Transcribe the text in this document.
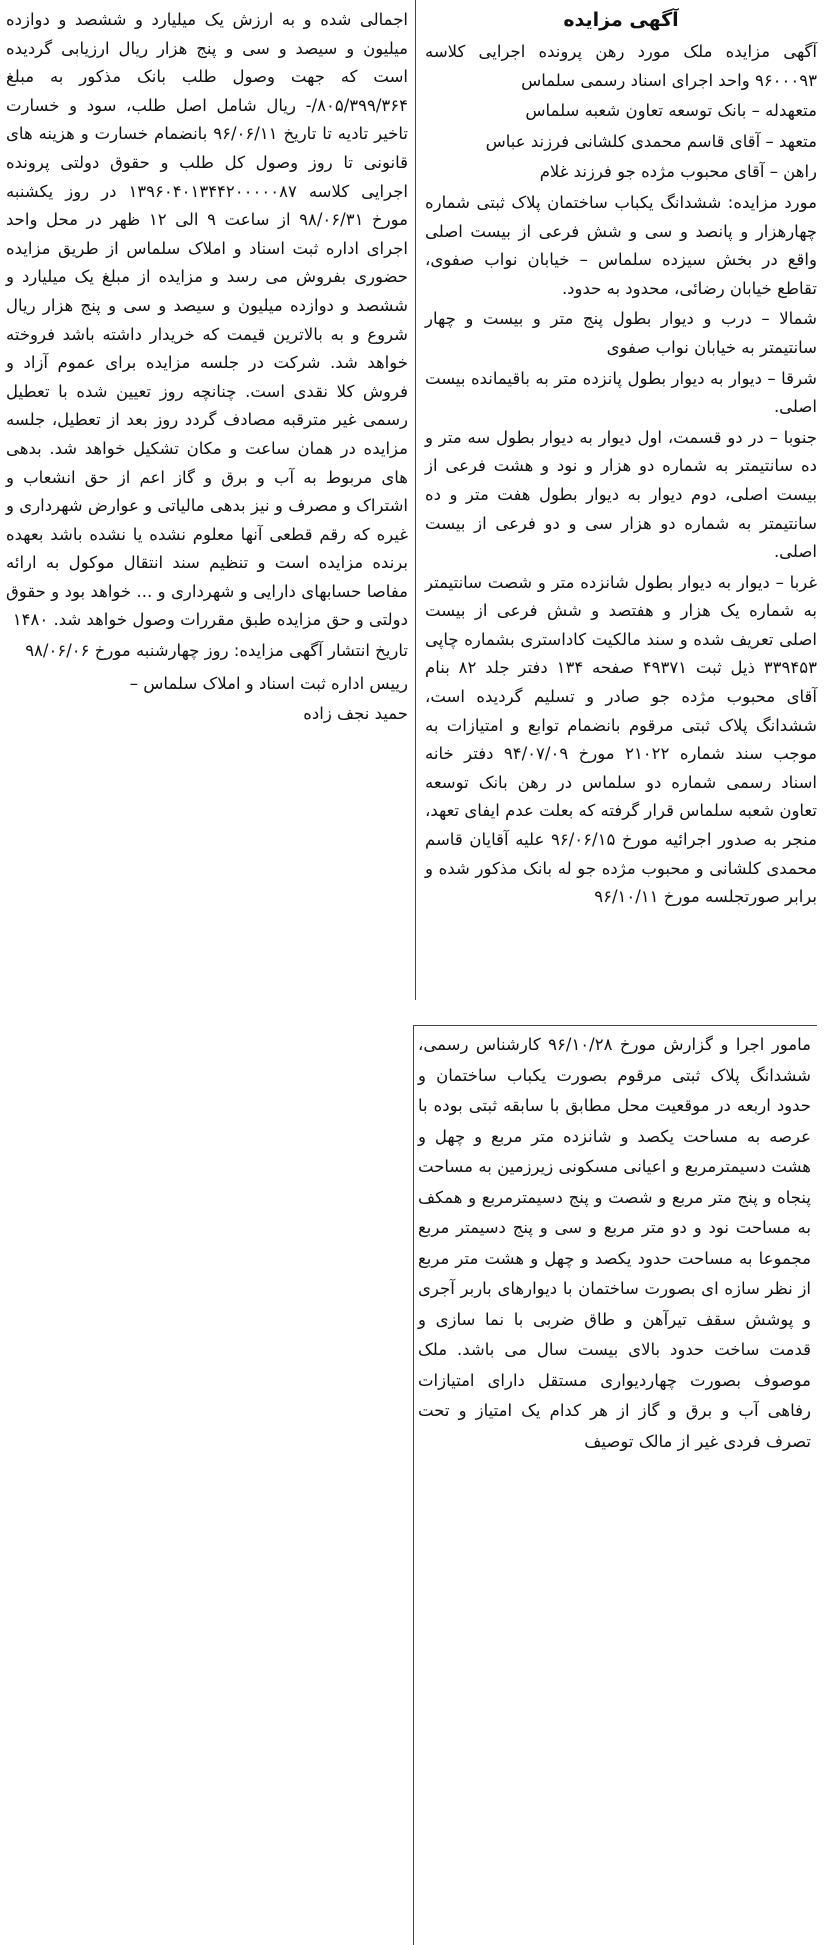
آگهی مزایده

آگهی مزایده ملک مورد رهن پرونده اجرایی کلاسه ۹۶۰۰۰۹۳ واحد اجرای اسناد رسمی سلماس

متعهدله – بانک توسعه تعاون شعبه سلماس

متعهد – آقای قاسم محمدی کلشانی فرزند عباس

راهن – آقای محبوب مژده جو فرزند غلام

مورد مزایده: ششدانگ یکباب ساختمان پلاک ثبتی شماره چهارهزار و پانصد و سی و شش فرعی از بیست اصلی واقع در بخش سیزده سلماس – خیابان نواب صفوی، تقاطع خیابان رضائی، محدود به حدود.

شمالا – درب و دیوار بطول پنج متر و بیست و چهار سانتیمتر به خیابان نواب صفوی

شرقا – دیوار به دیوار بطول پانزده متر به باقیمانده بیست اصلی.

جنوبا – در دو قسمت، اول دیوار به دیوار بطول سه متر و ده سانتیمتر به شماره دو هزار و نود و هشت فرعی از بیست اصلی، دوم دیوار به دیوار بطول هفت متر و ده سانتیمتر به شماره دو هزار سی و دو فرعی از بیست اصلی.

غربا – دیوار به دیوار بطول شانزده متر و شصت سانتیمتر به شماره یک هزار و هفتصد و شش فرعی از بیست اصلی تعریف شده و سند مالکیت کاداستری بشماره چاپی ۳۳۹۴۵۳ ذیل ثبت ۴۹۳۷۱ صفحه ۱۳۴ دفتر جلد ۸۲ بنام آقای محبوب مژده جو صادر و تسلیم گردیده است، ششدانگ پلاک ثبتی مرقوم بانضمام توابع و امتیازات به موجب سند شماره ۲۱۰۲۲ مورخ ۹۴/۰۷/۰۹ دفتر خانه اسناد رسمی شماره دو سلماس در رهن بانک توسعه تعاون شعبه سلماس قرار گرفته که بعلت عدم ایفای تعهد، منجر به صدور اجرائیه مورخ ۹۶/۰۶/۱۵ علیه آقایان قاسم محمدی کلشانی و محبوب مژده جو له بانک مذکور شده و برابر صورتجلسه مورخ ۹۶/۱۰/۱۱

مامور اجرا و گزارش مورخ ۹۶/۱۰/۲۸ کارشناس رسمی، ششدانگ پلاک ثبتی مرقوم بصورت یکباب ساختمان و حدود اربعه در موقعیت محل مطابق با سابقه ثبتی بوده با عرصه به مساحت یکصد و شانزده متر مربع و چهل و هشت دسیمترمربع و اعیانی مسکونی زیرزمین به مساحت پنجاه و پنج متر مربع و شصت و پنج دسیمترمربع و همکف به مساحت نود و دو متر مربع و سی و پنج دسیمتر مربع مجموعا به مساحت حدود یکصد و چهل و هشت متر مربع از نظر سازه ای بصورت ساختمان با دیوارهای باربر آجری و پوشش سقف تیرآهن و طاق ضربی با نما سازی و قدمت ساخت حدود بالای بیست سال می باشد. ملک موصوف بصورت چهاردیواری مستقل دارای امتیازات رفاهی آب و برق و گاز از هر کدام یک امتیاز و تحت تصرف فردی غیر از مالک توصیف

اجمالی شده و به ارزش یک میلیارد و ششصد و دوازده میلیون و سیصد و سی و پنج هزار ریال ارزیابی گردیده است که جهت وصول طلب بانک مذکور به مبلغ ۸۰۵/۳۹۹/۳۶۴/- ریال شامل اصل طلب، سود و خسارت تاخیر تادیه تا تاریخ ۹۶/۰۶/۱۱ بانضمام خسارت و هزینه های قانونی تا روز وصول کل طلب و حقوق دولتی پرونده اجرایی کلاسه ۱۳۹۶۰۴۰۱۳۴۴۲۰۰۰۰۰۸۷ در روز یکشنبه مورخ ۹۸/۰۶/۳۱ از ساعت ۹ الی ۱۲ ظهر در محل واحد اجرای اداره ثبت اسناد و املاک سلماس از طریق مزایده حضوری بفروش می رسد و مزایده از مبلغ یک میلیارد و ششصد و دوازده میلیون و سیصد و سی و پنج هزار ریال شروع و به بالاترین قیمت که خریدار داشته باشد فروخته خواهد شد. شرکت در جلسه مزایده برای عموم آزاد و فروش کلا نقدی است. چنانچه روز تعیین شده با تعطیل رسمی غیر مترقبه مصادف گردد روز بعد از تعطیل، جلسه مزایده در همان ساعت و مکان تشکیل خواهد شد. بدهی های مربوط به آب و برق و گاز اعم از حق انشعاب و اشتراک و مصرف و نیز بدهی مالیاتی و عوارض شهرداری و غیره که رقم قطعی آنها معلوم نشده یا نشده باشد بعهده برنده مزایده است و تنظیم سند انتقال موکول به ارائه مفاصا حسابهای دارایی و شهرداری و ... خواهد بود و حقوق دولتی و حق مزایده طبق مقررات وصول خواهد شد. ۱۴۸۰

تاریخ انتشار آگهی مزایده: روز چهارشنبه مورخ ۹۸/۰۶/۰۶

رییس اداره ثبت اسناد و املاک سلماس –

حمید نجف زاده
